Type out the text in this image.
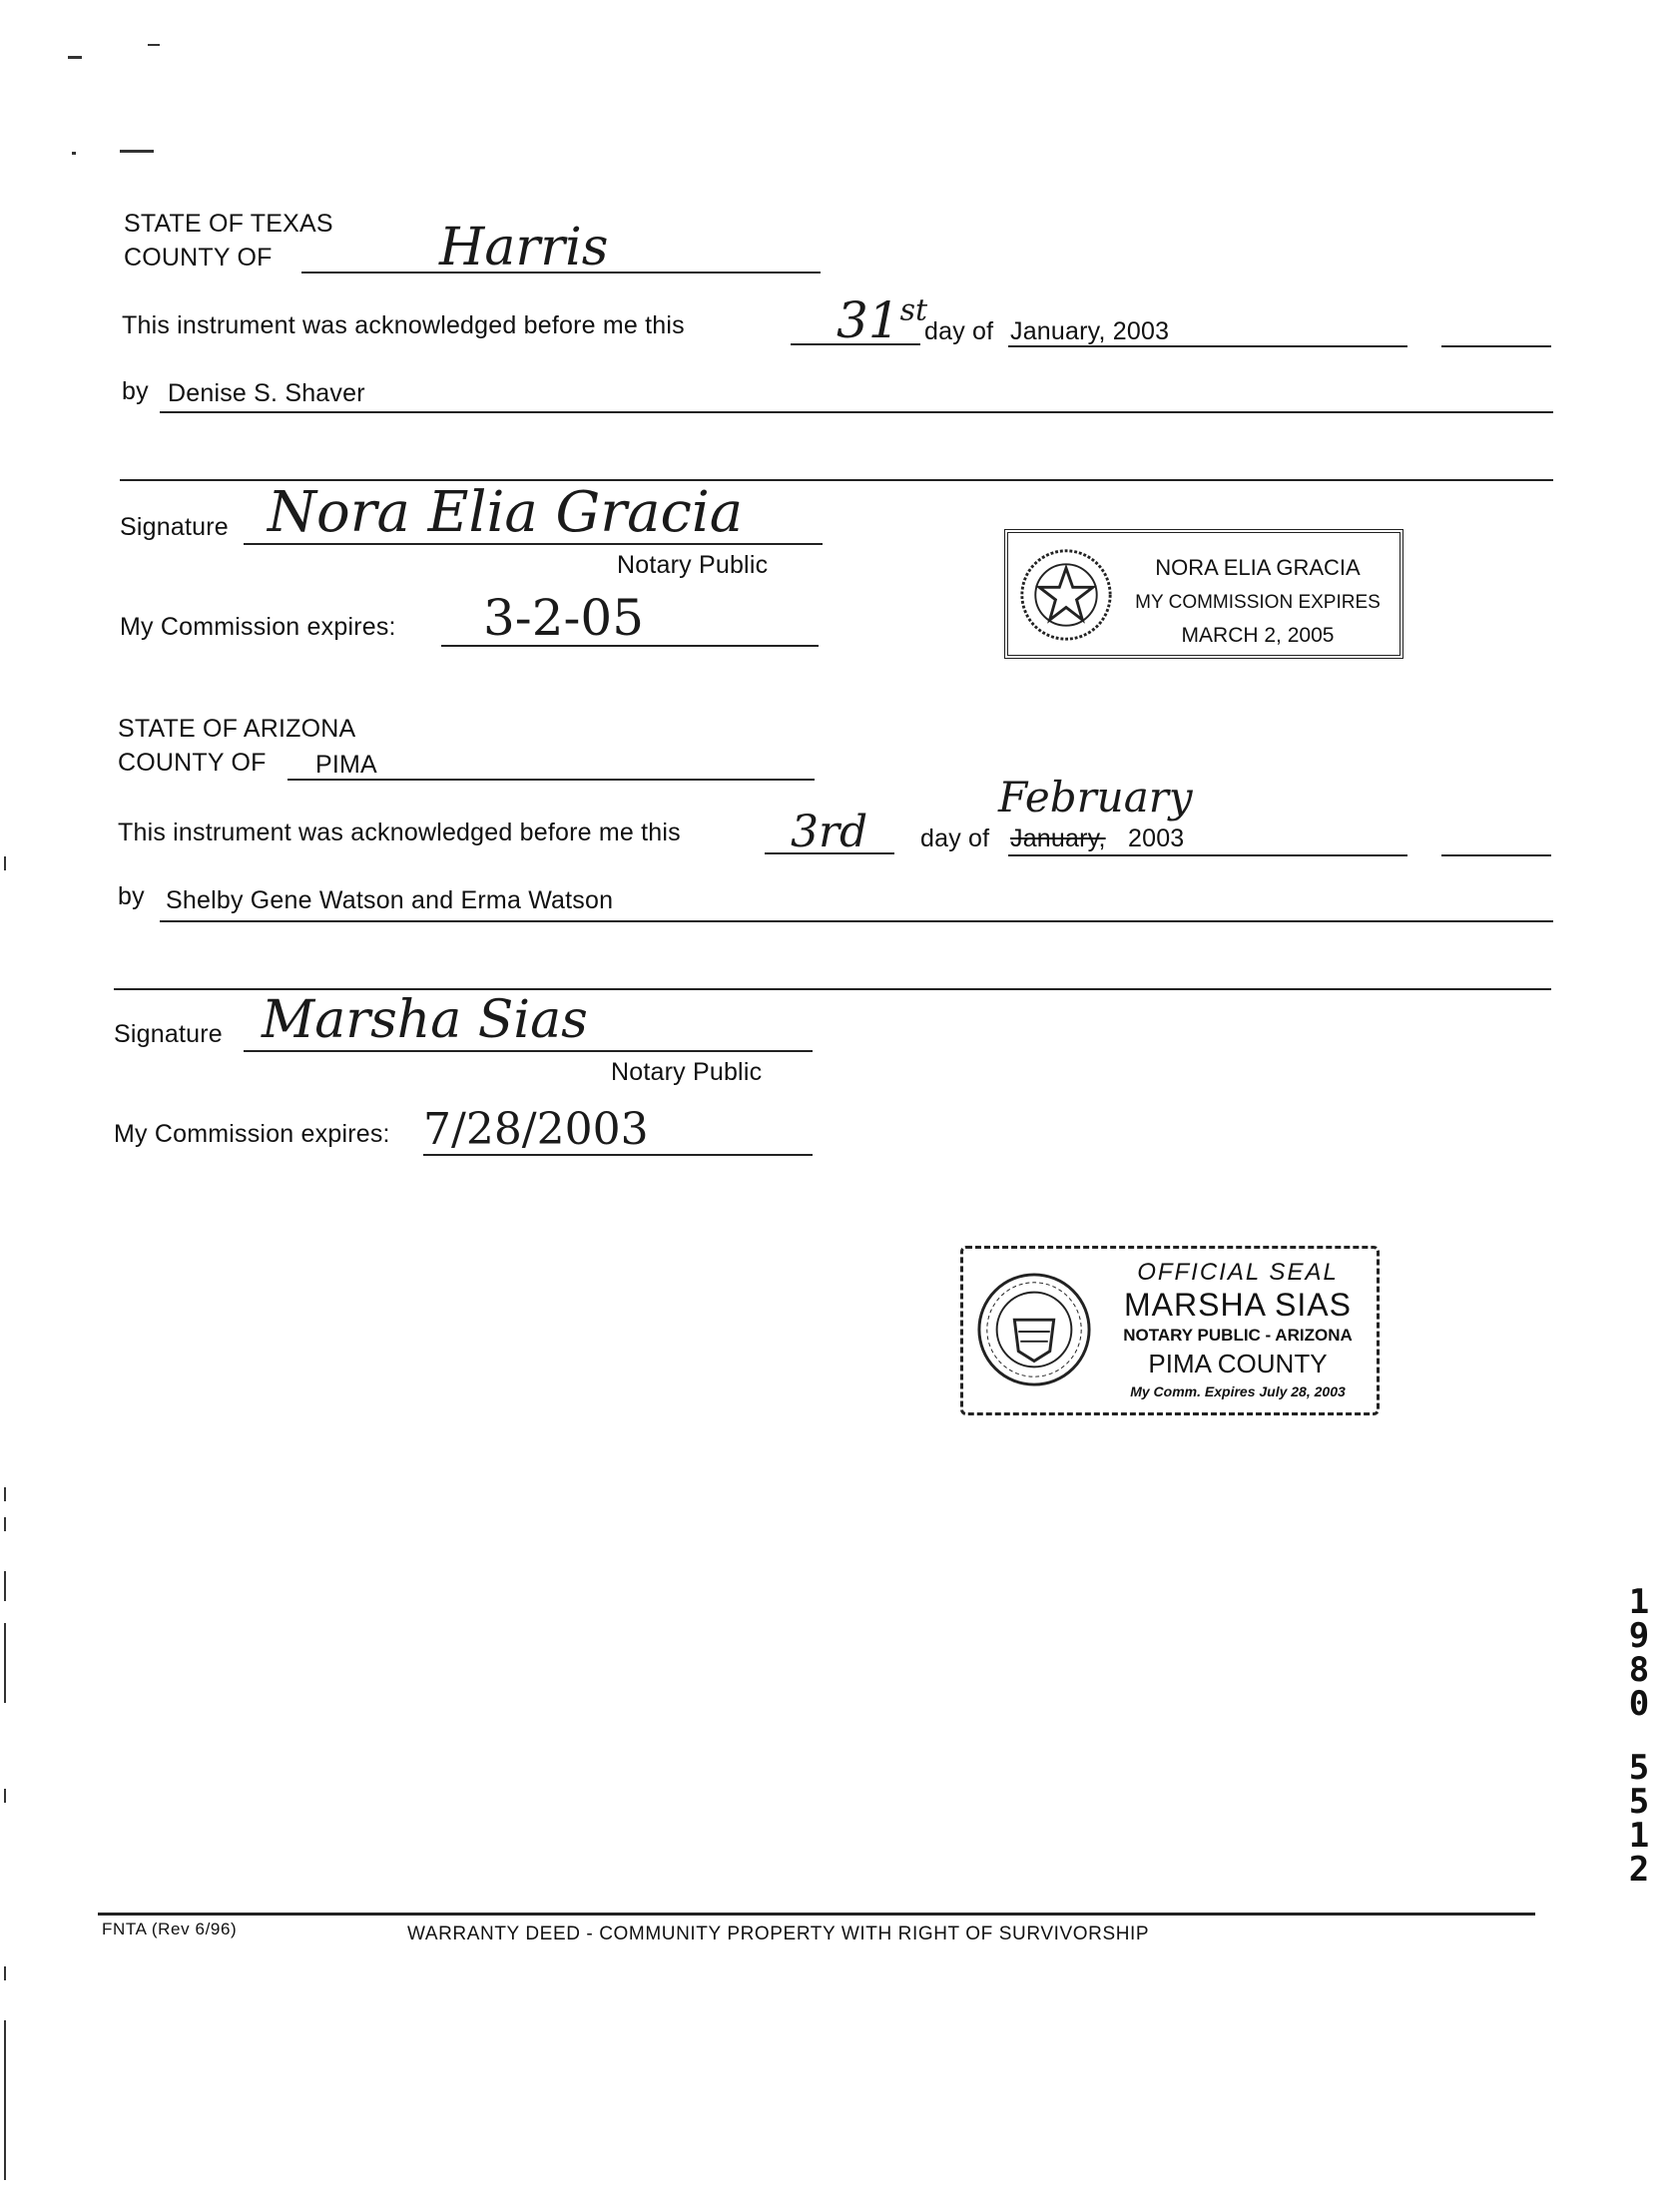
STATE OF TEXAS
COUNTY OF	Harris
This instrument was acknowledged before me this	31st
day of January, 2003
by Denise S. Shaver
Signature Nora Elia Gracia
Notary Public
My Commission expires: 3-2-05
NORA ELIA GRACIA
MY COMMISSION EXPIRES
MARCH 2, 2005
STATE OF ARIZONA
COUNTY OF PIMA
February
This instrument was acknowledged before me this	3rd day of January, 2003
by Shelby Gene Watson and Erma Watson
Signature Marsha Sias
Notary Public
My Commission expires: 7/28/2003
OFFICIAL SEAL
MARSHA SIAS
NOTARY PUBLIC - ARIZONA
PIMA COUNTY
My Comm. Expires July 28, 2003
1
9
8
0
5
5
1
2
FNTA (Rev 6/96)	WARRANTY DEED - COMMUNITY PROPERTY WITH RIGHT OF SURVIVORSHIP
